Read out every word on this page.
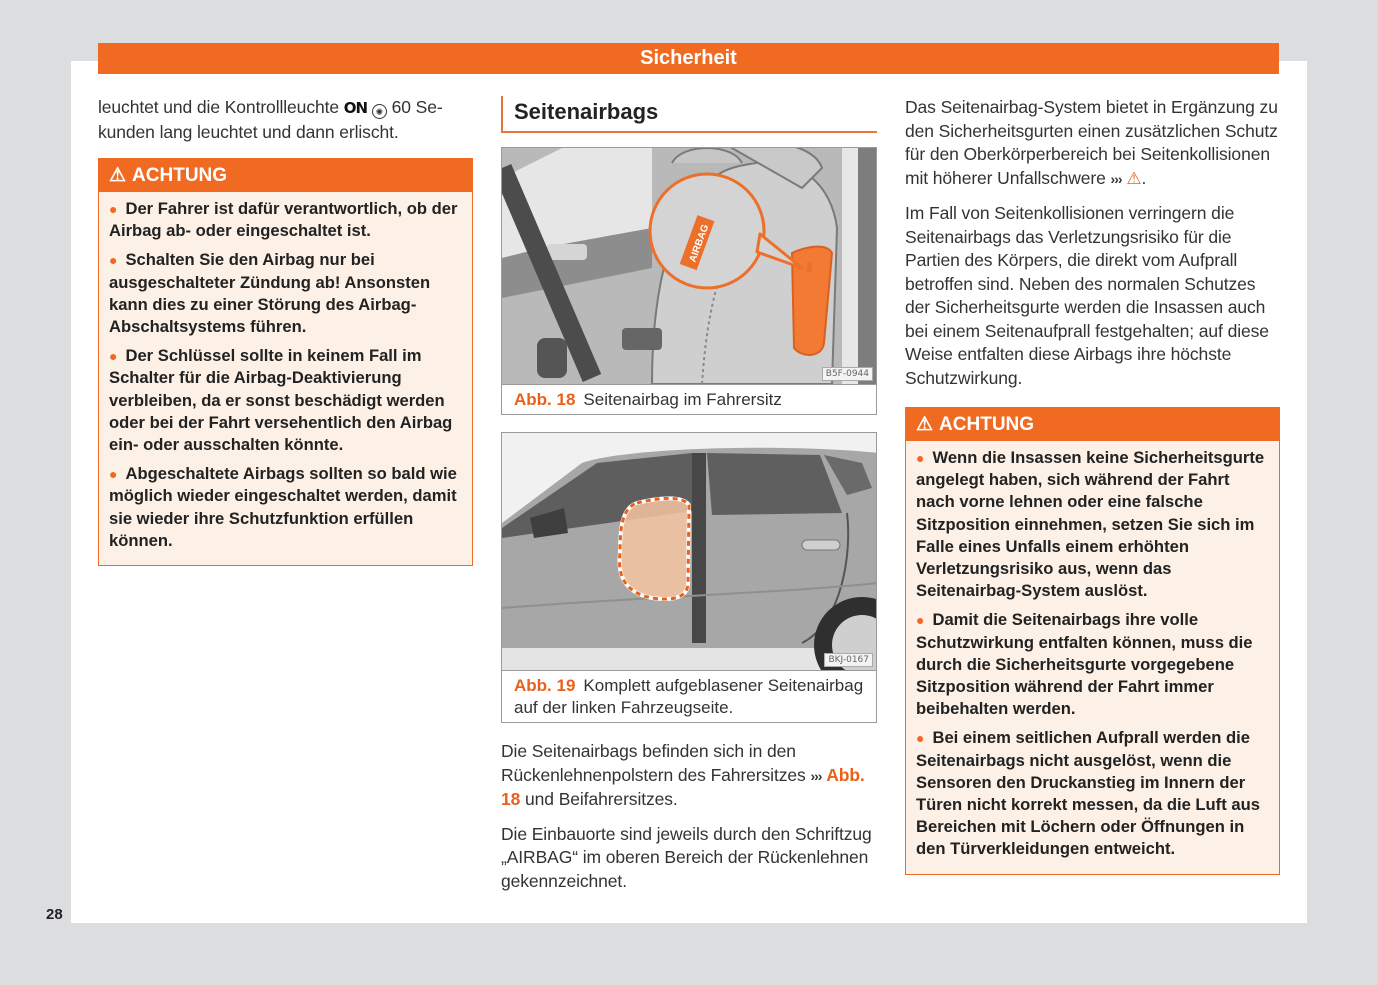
Sicherheit
28

leuchtet und die Kontrollleuchte ON ✺ 60 Se-kunden lang leuchtet und dann erlischt.

⚠ ACHTUNG
● Der Fahrer ist dafür verantwortlich, ob der Airbag ab- oder eingeschaltet ist.
● Schalten Sie den Airbag nur bei ausgeschalteter Zündung ab! Ansonsten kann dies zu einer Störung des Airbag-Abschaltsystems führen.
● Der Schlüssel sollte in keinem Fall im Schalter für die Airbag-Deaktivierung verbleiben, da er sonst beschädigt werden oder bei der Fahrt versehentlich den Airbag ein- oder ausschalten könnte.
● Abgeschaltete Airbags sollten so bald wie möglich wieder eingeschaltet werden, damit sie wieder ihre Schutzfunktion erfüllen können.
Seitenairbags
AIRBAG
B5F-0944
Abb. 18 Seitenairbag im Fahrersitz
BKJ-0167
Abb. 19 Komplett aufgeblasener Seitenairbag auf der linken Fahrzeugseite.

Die Seitenairbags befinden sich in den Rückenlehnenpolstern des Fahrersitzes ››› Abb. 18 und Beifahrersitzes.

Die Einbauorte sind jeweils durch den Schriftzug „AIRBAG“ im oberen Bereich der Rückenlehnen gekennzeichnet.

Das Seitenairbag-System bietet in Ergänzung zu den Sicherheitsgurten einen zusätzlichen Schutz für den Oberkörperbereich bei Seitenkollisionen mit höherer Unfallschwere ››› ⚠.

Im Fall von Seitenkollisionen verringern die Seitenairbags das Verletzungsrisiko für die Partien des Körpers, die direkt vom Aufprall betroffen sind. Neben des normalen Schutzes der Sicherheitsgurte werden die Insassen auch bei einem Seitenaufprall festgehalten; auf diese Weise entfalten diese Airbags ihre höchste Schutzwirkung.

⚠ ACHTUNG
● Wenn die Insassen keine Sicherheitsgurte angelegt haben, sich während der Fahrt nach vorne lehnen oder eine falsche Sitzposition einnehmen, setzen Sie sich im Falle eines Unfalls einem erhöhten Verletzungsrisiko aus, wenn das Seitenairbag-System auslöst.
● Damit die Seitenairbags ihre volle Schutzwirkung entfalten können, muss die durch die Sicherheitsgurte vorgegebene Sitzposition während der Fahrt immer beibehalten werden.
● Bei einem seitlichen Aufprall werden die Seitenairbags nicht ausgelöst, wenn die Sensoren den Druckanstieg im Innern der Türen nicht korrekt messen, da die Luft aus Bereichen mit Löchern oder Öffnungen in den Türverkleidungen entweicht.
